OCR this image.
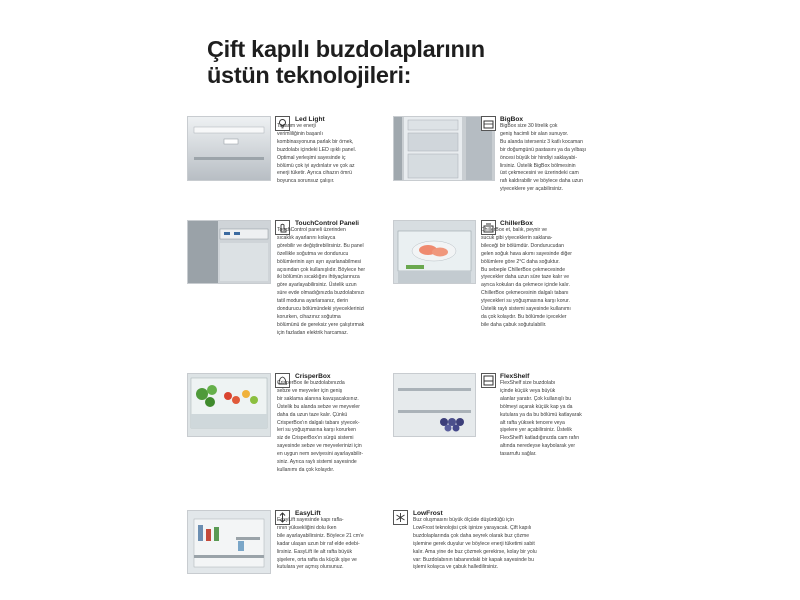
Çift kapılı buzdolaplarının
üstün teknolojileri:
Led Light
Tasarım ve enerji
verimliliğinin başarılı
kombinasyonuna parlak bir örnek,
buzdolabı içindeki LED ışıklı panel.
Optimal yerleşimi sayesinde iç
bölümü çok iyi aydınlatır ve çok az
enerji tüketir. Ayrıca cihazın ömrü
boyunca sorunsuz çalışır.
BigBox
BigBox size 30 litrelik çok
geniş hacimli bir alan sunuyor.
Bu alanda isterseniz 3 katlı kocaman
bir doğumgünü pastasını ya da yılbaşı
öncesi büyük bir hindiyi saklayabi-
lirsiniz. Üstelik BigBox bölmesinin
üst çekmecesini ve üzerindeki cam
rafı kaldırabilir ve böylece daha uzun
yiyeceklere yer açabilirsiniz.
TouchControl Paneli
TouchControl paneli üzerinden
sıcaklık ayarlarını kolayca
görebilir ve değiştirebilirsiniz. Bu panel
özellikle soğutma ve dondurucu
bölümlerinin ayrı ayrı ayarlanabilmesi
açısından çok kullanışlıdır. Böylece her
iki bölümün sıcaklığını ihtiyaçlarınıza
göre ayarlayabilirsiniz. Üstelik uzun
süre evde olmadığınızda buzdolabınızı
tatil moduna ayarlarsanız, derin
dondurucu bölümündeki yiyeceklerinizi
korurken, cihazınız soğutma
bölümünü de gereksiz yere çalıştırmak
için fazladan elektrik harcamaz.
ChillerBox
ChillerBox et, balık, peynir ve
sucuk gibi yiyeceklerin saklana-
bileceği bir bölümdür. Dondurucudan
gelen soğuk hava akımı sayesinde diğer
bölümlere göre 2°C daha soğuktur.
Bu sebeple ChillerBox çekmecesinde
yiyecekler daha uzun süre taze kalır ve
ayrıca kokuları da çekmece içinde kalır.
ChillerBox çekmecesinin dalgalı tabanı
yiyecekleri su yoğuşmasına karşı korur.
Üstelik raylı sistemi sayesinde kullanımı
da çok kolaydır. Bu bölümde içecekler
bile daha çabuk soğutulabilir.
CrisperBox
CrisperBox ile buzdolabınızda
sebze ve meyveler için geniş
bir saklama alanına kavuşacaksınız.
Üstelik bu alanda sebze ve meyveler
daha da uzun taze kalır. Çünkü
CrisperBox'ın dalgalı tabanı yiyecek-
leri su yoğuşmasına karşı korurken
siz de CrisperBox'ın sürgü sistemi
sayesinde sebze ve meyvelerinizi için
en uygun nem seviyesini ayarlayabilir-
siniz. Ayrıca raylı sistemi sayesinde
kullanımı da çok kolaydır.
FlexShelf
FlexShelf size buzdolabı
içinde küçük veya büyük
alanlar yaratır. Çok kullanışlı bu
bölmeyi açarak küçük kap ya da
kutulara ya da bu bölümü katlayarak
alt rafta yüksek tencere veya
şişelere yer açabilirsiniz. Üstelik
FlexShelf'i katladığınızda cam rafın
altında neredeyse kaybolarak yer
tasarrufu sağlar.
EasyLift
EasyLift sayesinde kapı rafla-
rının yüksekliğini dolu iken
bile ayarlayabilirsiniz. Böylece 21 cm'e
kadar ulaşan uzun bir raf elde edebi-
lirsiniz. EasyLift ile alt rafta büyük
şişelere, orta rafta da küçük şişe ve
kutulara yer açmış olursunuz.
LowFrost
Buz oluşmasını büyük ölçüde düşürdüğü için
LowFrost teknolojisi çok işinize yarayacak. Çift kapılı
buzdolaplarında çok daha seyrek olarak buz çözme
işlemine gerek duyulur ve böylece enerji tüketimi sabit
kalır. Ama yine de buz çözmek gerekirse, kolay bir yolu
var: Buzdolabının tabanındaki bir kapak sayesinde bu
işlemi kolayca ve çabuk halledilirsiniz.
